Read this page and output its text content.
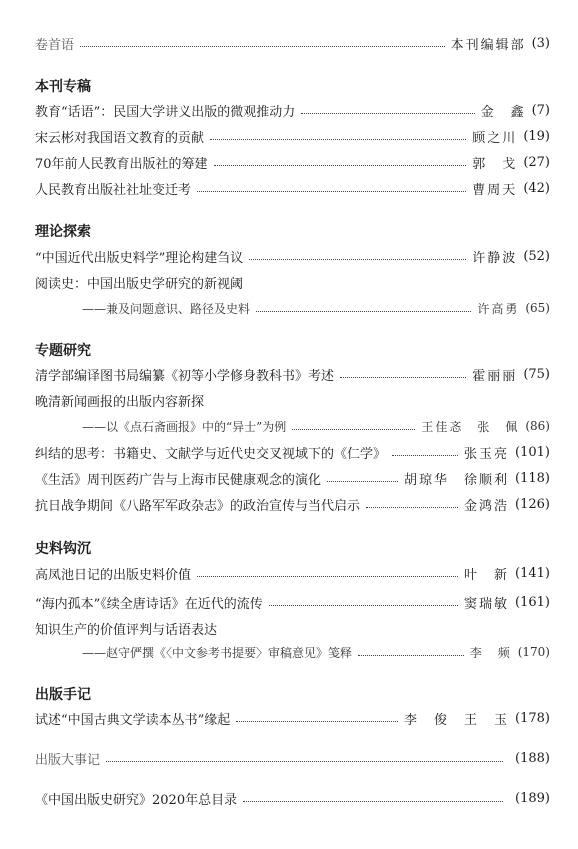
卷首语	本刊编辑部 (3)
本刊专稿
教育“话语”：民国大学讲义出版的微观推动力	金　鑫 (7)
宋云彬对我国语文教育的贡献	顾之川 (19)
70年前人民教育出版社的筹建	郭　戈 (27)
人民教育出版社社址变迁考	曹周天 (42)
理论探索
“中国近代出版史料学”理论构建刍议	许静波 (52)
阅读史：中国出版史学研究的新视阈
——兼及问题意识、路径及史料	许高勇 (65)
专题研究
清学部编译图书局编纂《初等小学修身教科书》考述	霍丽丽 (75)
晚清新闻画报的出版内容新探
——以《点石斋画报》中的“异士”为例	王佳忞　张　佩 (86)
纠结的思考：书籍史、文献学与近代史交叉视域下的《仁学》	张玉亮 (101)
《生活》周刊医药广告与上海市民健康观念的演化	胡琼华　徐顺利 (118)
抗日战争期间《八路军军政杂志》的政治宣传与当代启示	金鸿浩 (126)
史料钩沉
高凤池日记的出版史料价值	叶　新 (141)
“海内孤本”《续全唐诗话》在近代的流传	窦瑞敏 (161)
知识生产的价值评判与话语表达
——赵守俨撰《〈中文参考书提要〉审稿意见》笺释	李　频 (170)
出版手记
试述“中国古典文学读本丛书”缘起	李　俊　王　玉 (178)
出版大事记	(188)
《中国出版史研究》2020年总目录	(189)
